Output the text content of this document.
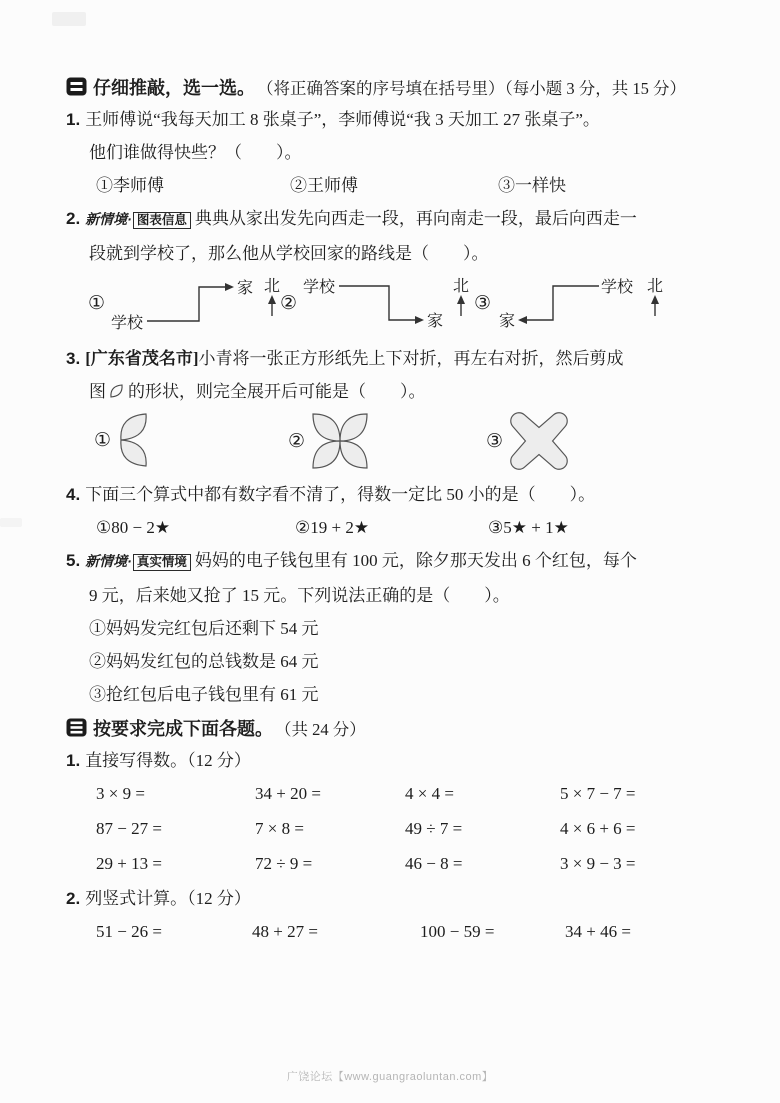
仔细推敲，选一选。 （将正确答案的序号填在括号里）（每小题 3 分，共 15 分）
1. 王师傅说“我每天加工 8 张桌子”，李师傅说“我 3 天加工 27 张桌子”。
他们谁做得快些？（　　）。
①李师傅	②王师傅	③一样快
2. 新情境· 图表信息 典典从家出发先向西走一段，再向南走一段，最后向西走一
段就到学校了，那么他从学校回家的路线是（　　）。
①
学校
家 北
②
学校
家
北
③
学校
家
北
3. [广东省茂名市]小青将一张正方形纸先上下对折，再左右对折，然后剪成
图 的形状，则完全展开后可能是（　　）。
①	②	③
4. 下面三个算式中都有数字看不清了，得数一定比 50 小的是（　　）。
①80 − 2★	②19 + 2★	③5★ + 1★
5. 新情境· 真实情境 妈妈的电子钱包里有 100 元，除夕那天发出 6 个红包，每个
9 元，后来她又抢了 15 元。下列说法正确的是（　　）。
①妈妈发完红包后还剩下 54 元
②妈妈发红包的总钱数是 64 元
③抢红包后电子钱包里有 61 元
按要求完成下面各题。 （共 24 分）
1. 直接写得数。（12 分）
3 × 9 =	34 + 20 =	4 × 4 =	5 × 7 − 7 =
87 − 27 =	7 × 8 =	49 ÷ 7 =	4 × 6 + 6 =
29 + 13 =	72 ÷ 9 =	46 − 8 =	3 × 9 − 3 =
2. 列竖式计算。（12 分）
51 − 26 =	48 + 27 =	100 − 59 =	34 + 46 =
广饶论坛【www.guangraoluntan.com】
